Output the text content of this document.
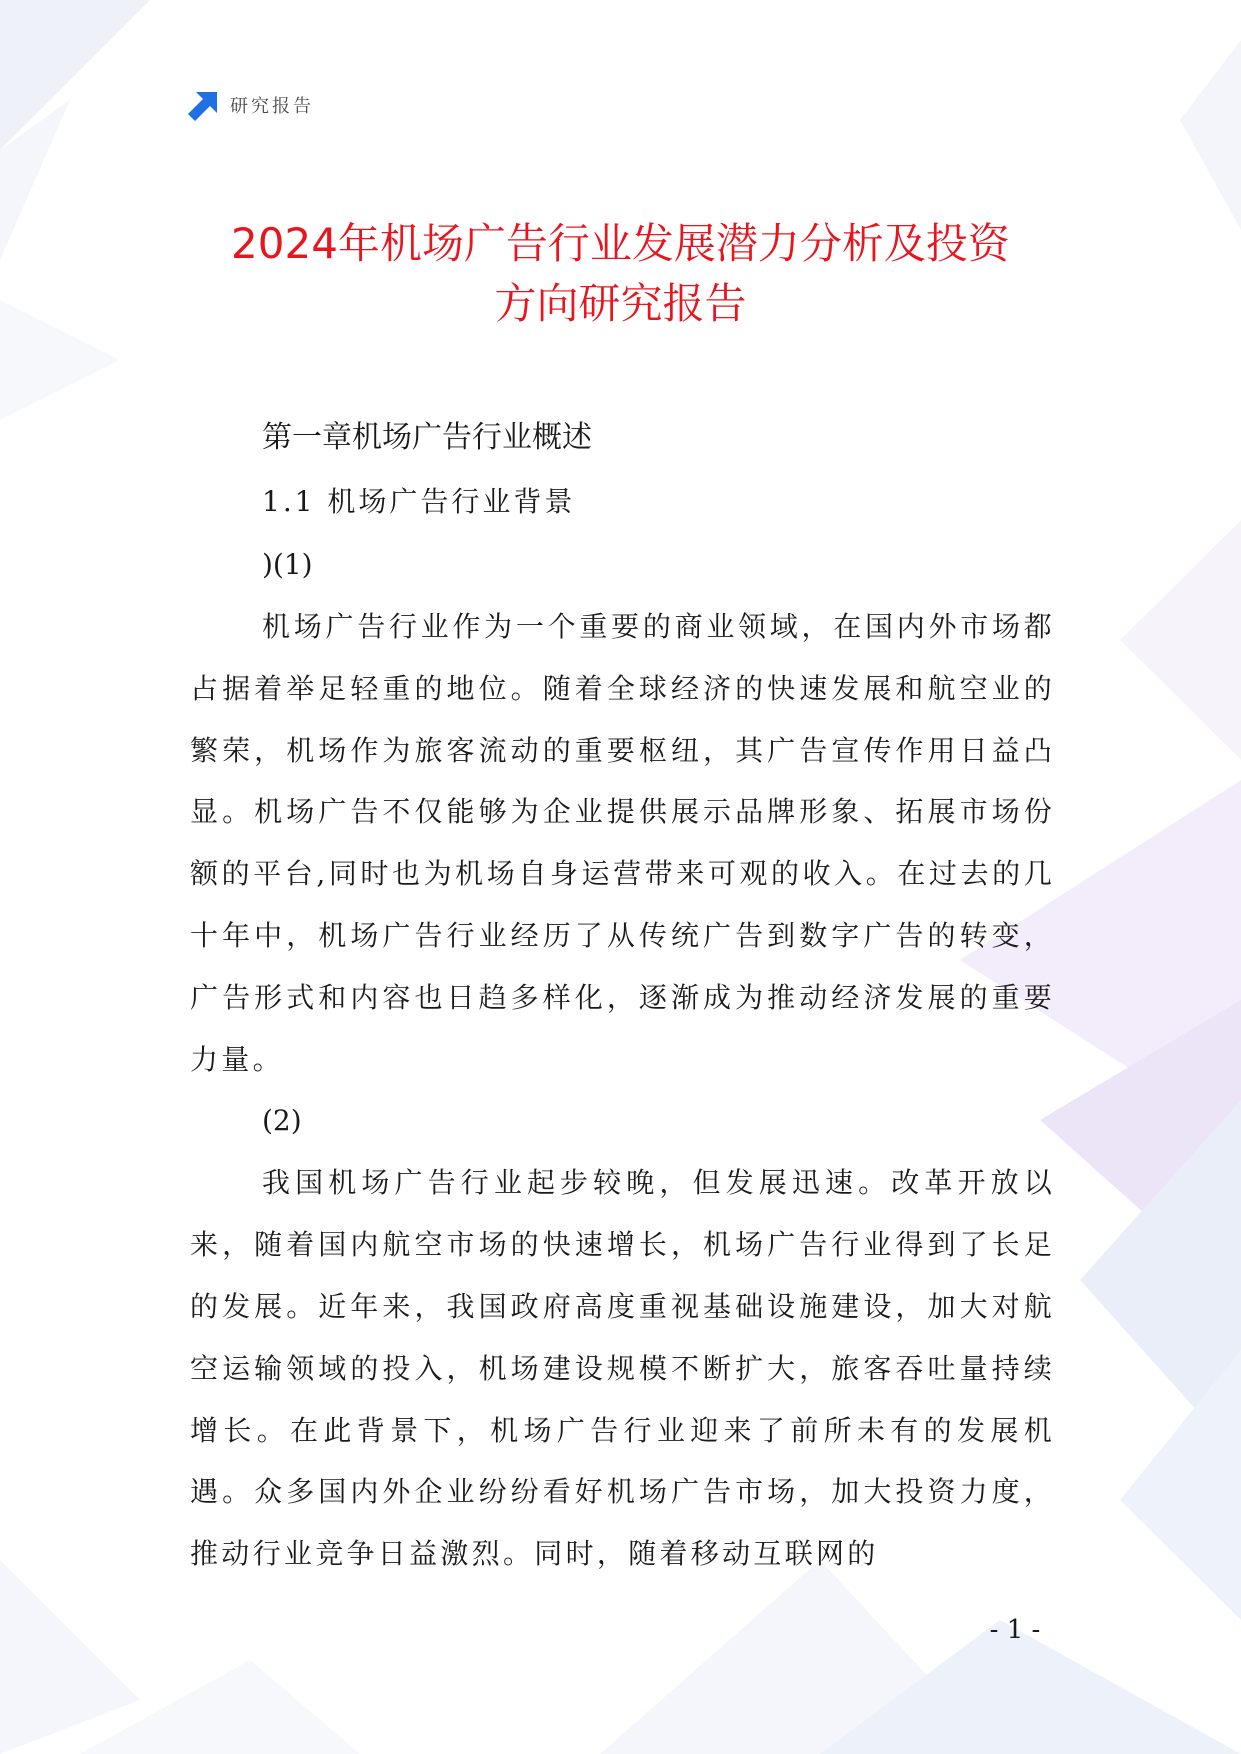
研究报告
2024年机场广告行业发展潜力分析及投资
方向研究报告
第一章机场广告行业概述
1.1 机场广告行业背景
)(1)

机场广告行业作为一个重要的商业领域，在国内外市场都占据着举足轻重的地位。随着全球经济的快速发展和航空业的繁荣，机场作为旅客流动的重要枢纽，其广告宣传作用日益凸显。机场广告不仅能够为企业提供展示品牌形象、拓展市场份额的平台,同时也为机场自身运营带来可观的收入。在过去的几十年中，机场广告行业经历了从传统广告到数字广告的转变，广告形式和内容也日趋多样化，逐渐成为推动经济发展的重要力量。

(2)

我国机场广告行业起步较晚，但发展迅速。改革开放以来，随着国内航空市场的快速增长，机场广告行业得到了长足的发展。近年来，我国政府高度重视基础设施建设，加大对航空运输领域的投入，机场建设规模不断扩大，旅客吞吐量持续增长。在此背景下，机场广告行业迎来了前所未有的发展机遇。众多国内外企业纷纷看好机场广告市场，加大投资力度，推动行业竞争日益激烈。同时，随着移动互联网的

- 1 -
